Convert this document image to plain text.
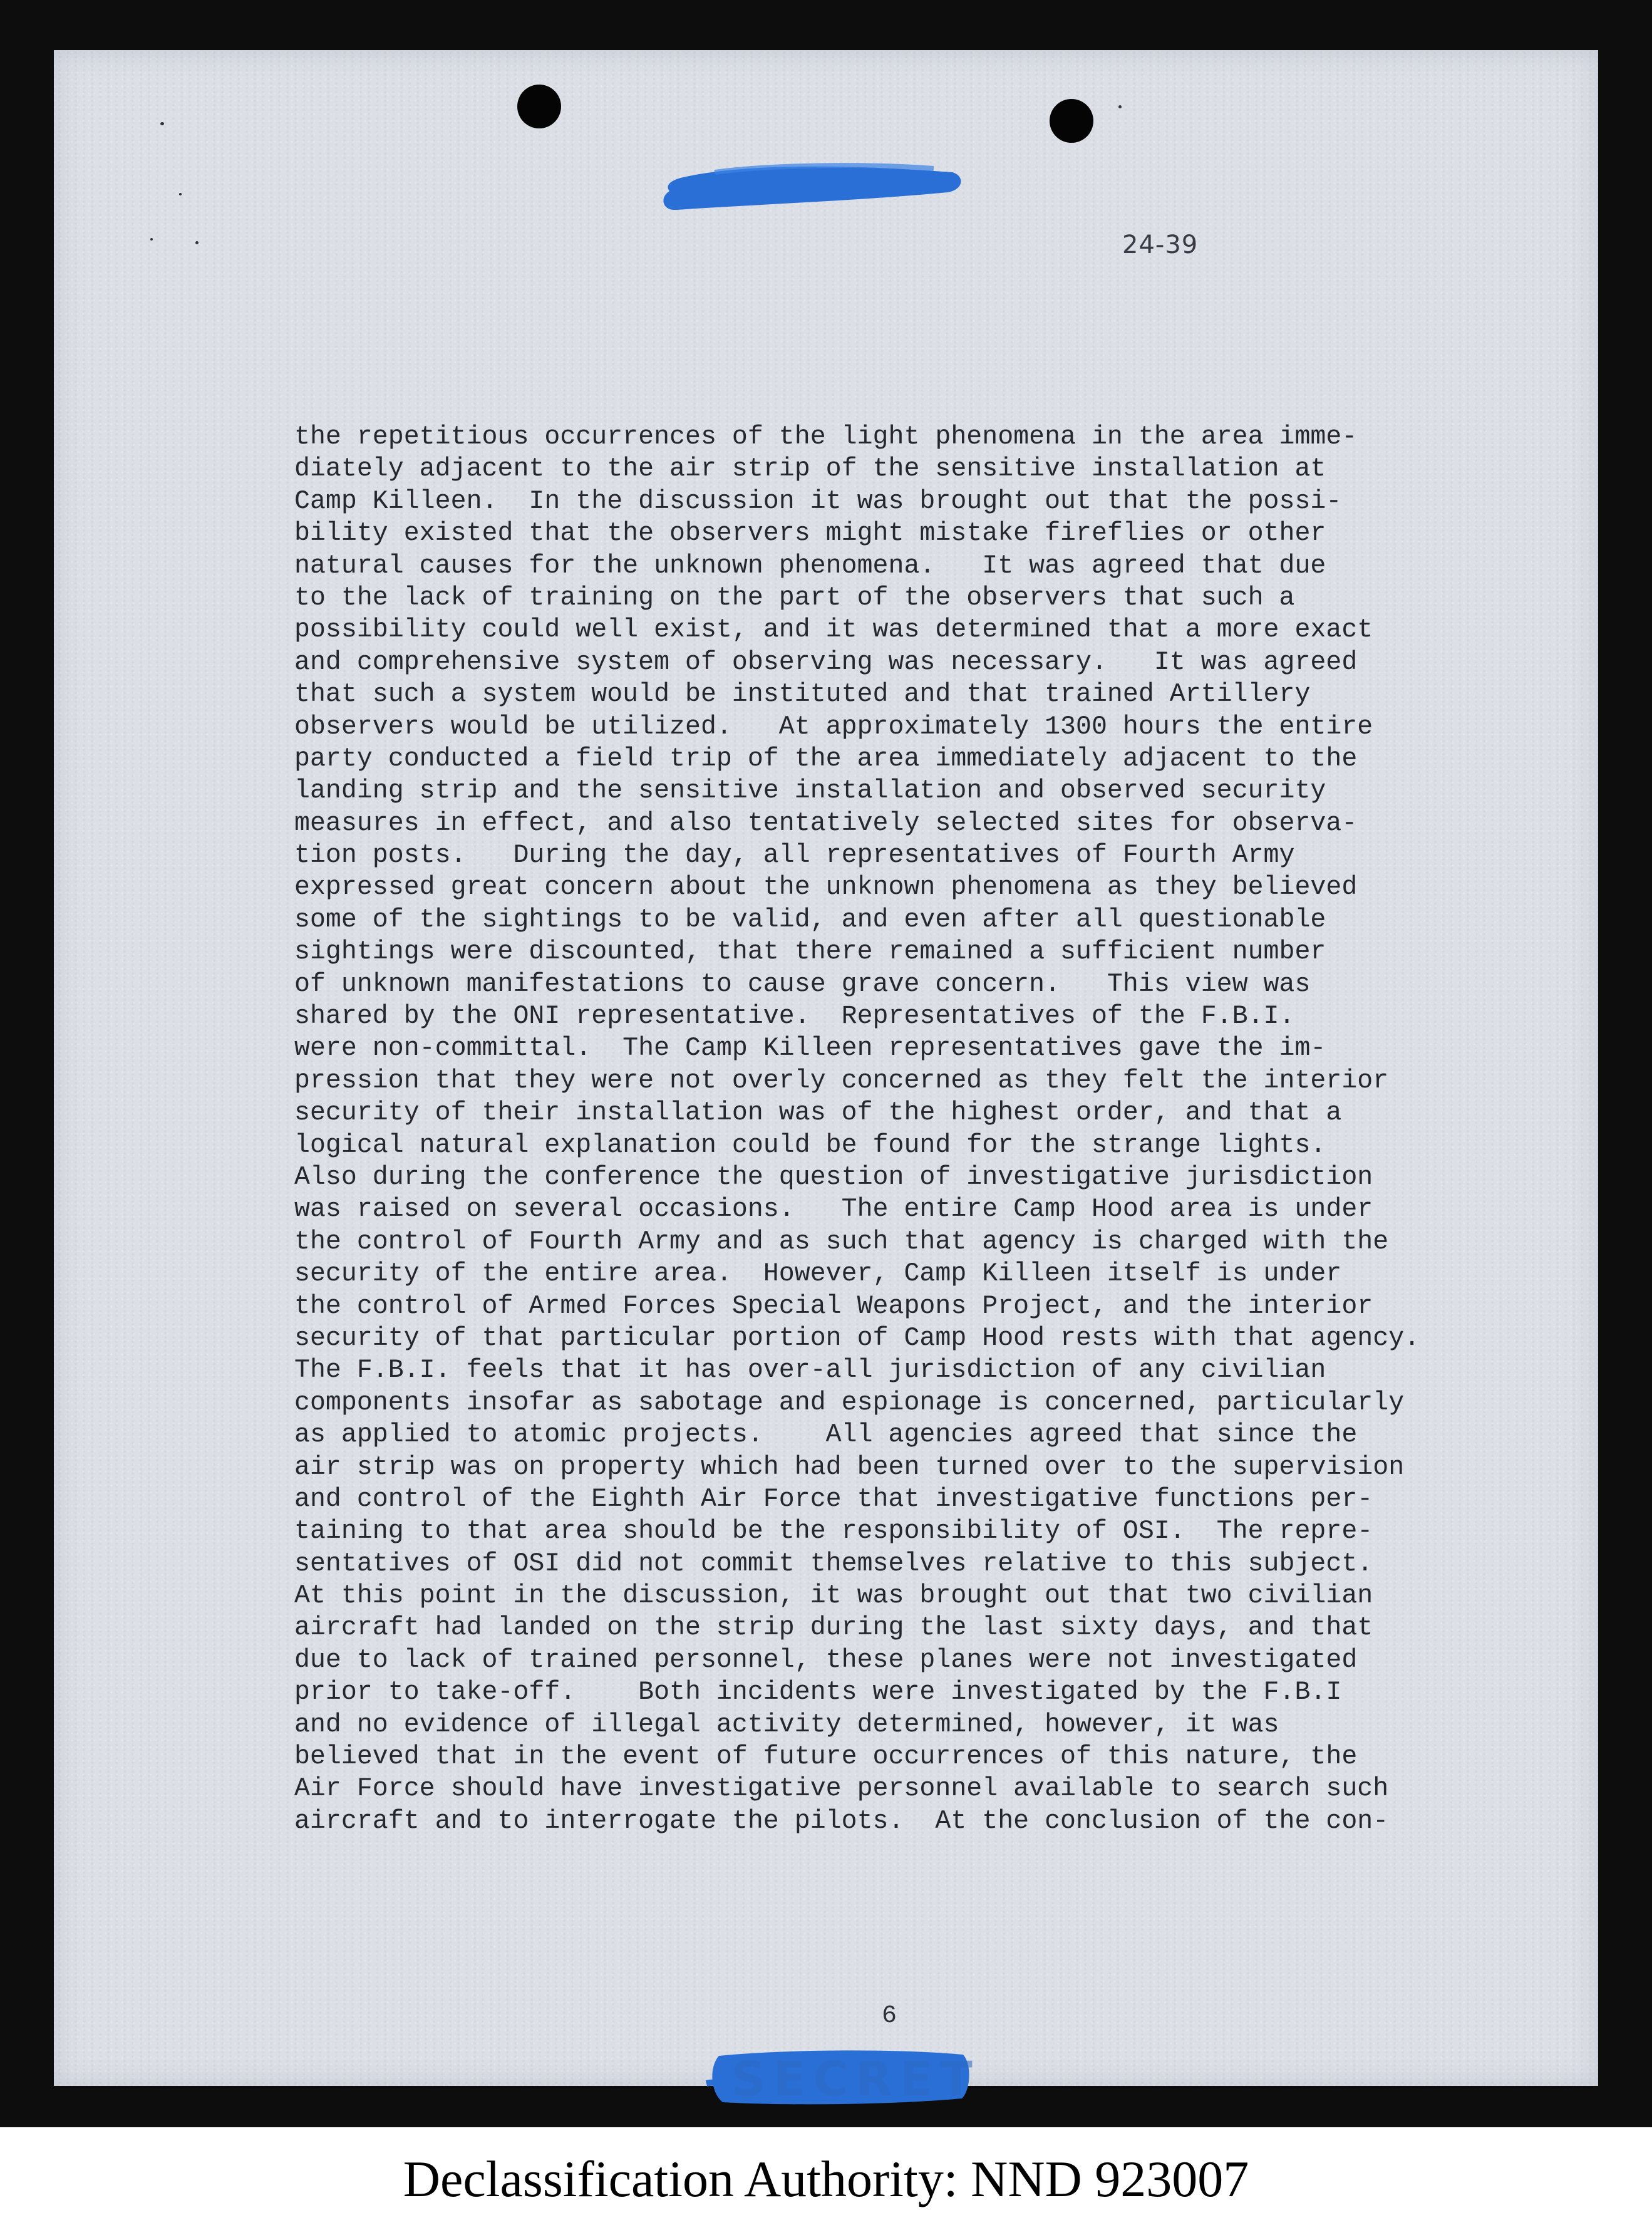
24-39
the repetitious occurrences of the light phenomena in the area imme-
diately adjacent to the air strip of the sensitive installation at
Camp Killeen.  In the discussion it was brought out that the possi-
bility existed that the observers might mistake fireflies or other
natural causes for the unknown phenomena.   It was agreed that due
to the lack of training on the part of the observers that such a
possibility could well exist, and it was determined that a more exact
and comprehensive system of observing was necessary.   It was agreed
that such a system would be instituted and that trained Artillery
observers would be utilized.   At approximately 1300 hours the entire
party conducted a field trip of the area immediately adjacent to the
landing strip and the sensitive installation and observed security
measures in effect, and also tentatively selected sites for observa-
tion posts.   During the day, all representatives of Fourth Army
expressed great concern about the unknown phenomena as they believed
some of the sightings to be valid, and even after all questionable
sightings were discounted, that there remained a sufficient number
of unknown manifestations to cause grave concern.   This view was
shared by the ONI representative.  Representatives of the F.B.I.
were non-committal.  The Camp Killeen representatives gave the im-
pression that they were not overly concerned as they felt the interior
security of their installation was of the highest order, and that a
logical natural explanation could be found for the strange lights.
Also during the conference the question of investigative jurisdiction
was raised on several occasions.   The entire Camp Hood area is under
the control of Fourth Army and as such that agency is charged with the
security of the entire area.  However, Camp Killeen itself is under
the control of Armed Forces Special Weapons Project, and the interior
security of that particular portion of Camp Hood rests with that agency.
The F.B.I. feels that it has over-all jurisdiction of any civilian
components insofar as sabotage and espionage is concerned, particularly
as applied to atomic projects.    All agencies agreed that since the
air strip was on property which had been turned over to the supervision
and control of the Eighth Air Force that investigative functions per-
taining to that area should be the responsibility of OSI.  The repre-
sentatives of OSI did not commit themselves relative to this subject.
At this point in the discussion, it was brought out that two civilian
aircraft had landed on the strip during the last sixty days, and that
due to lack of trained personnel, these planes were not investigated
prior to take-off.    Both incidents were investigated by the F.B.I
and no evidence of illegal activity determined, however, it was
believed that in the event of future occurrences of this nature, the
Air Force should have investigative personnel available to search such
aircraft and to interrogate the pilots.  At the conclusion of the con-
6
SECRET
Declassification Authority: NND 923007
